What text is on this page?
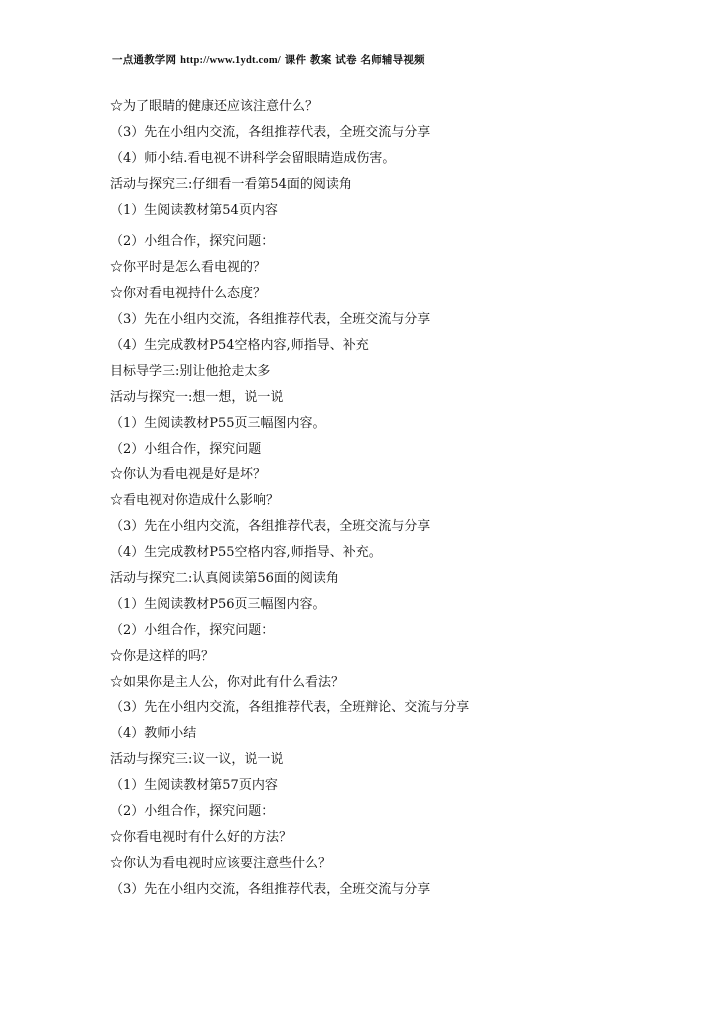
一点通教学网 http://www.1ydt.com/ 课件 教案 试卷 名师辅导视频
☆为了眼睛的健康还应该注意什么？
（3）先在小组内交流，各组推荐代表，全班交流与分享
（4）师小结.看电视不讲科学会留眼睛造成伤害。
活动与探究三:仔细看一看第54面的阅读角
（1）生阅读教材第54页内容
（2）小组合作，探究问题：
☆你平时是怎么看电视的？
☆你对看电视持什么态度？
（3）先在小组内交流，各组推荐代表，全班交流与分享
（4）生完成教材P54空格内容,师指导、补充
目标导学三:别让他抢走太多
活动与探究一:想一想，说一说
（1）生阅读教材P55页三幅图内容。
（2）小组合作，探究问题
☆你认为看电视是好是坏？
☆看电视对你造成什么影响？
（3）先在小组内交流，各组推荐代表，全班交流与分享
（4）生完成教材P55空格内容,师指导、补充。
活动与探究二:认真阅读第56面的阅读角
（1）生阅读教材P56页三幅图内容。
（2）小组合作，探究问题：
☆你是这样的吗？
☆如果你是主人公，你对此有什么看法？
（3）先在小组内交流，各组推荐代表，全班辩论、交流与分享
（4）教师小结
活动与探究三:议一议，说一说
（1）生阅读教材第57页内容
（2）小组合作，探究问题：
☆你看电视时有什么好的方法？
☆你认为看电视时应该要注意些什么？
（3）先在小组内交流，各组推荐代表，全班交流与分享
